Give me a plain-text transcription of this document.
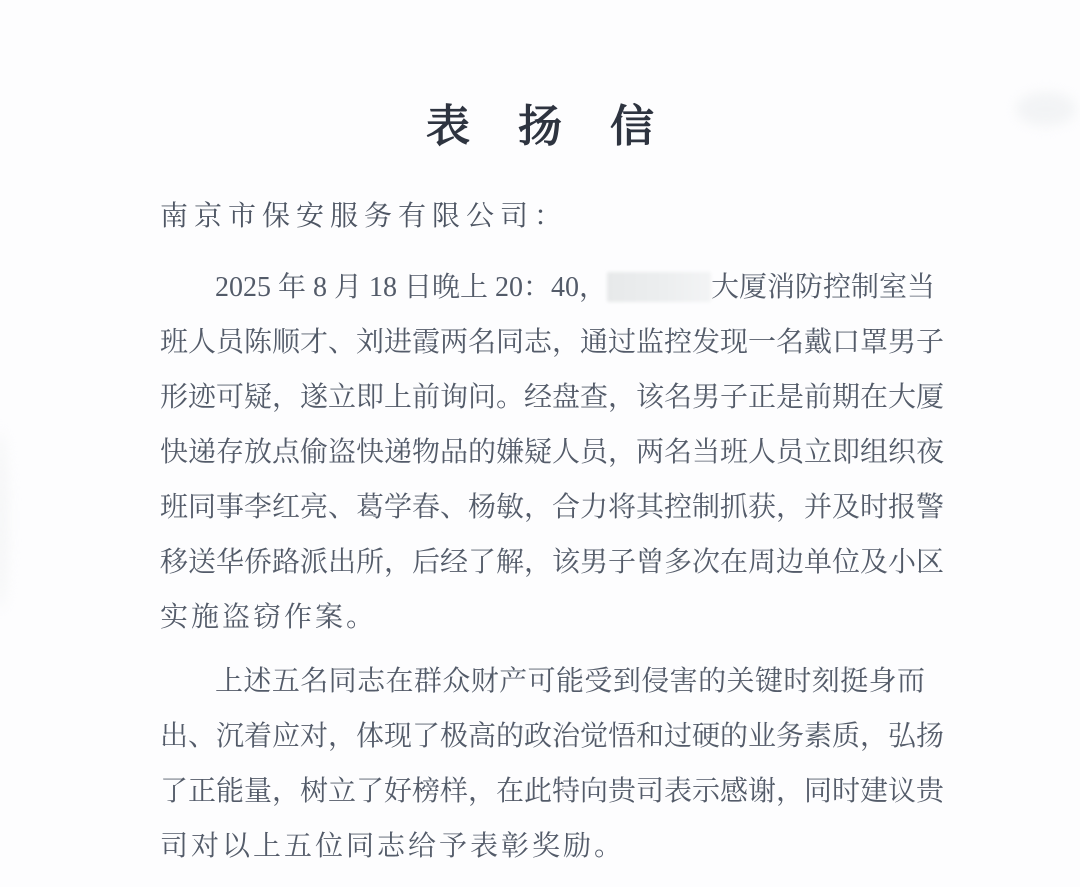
表 扬 信
南京市保安服务有限公司：
2025 年 8 月 18 日晚上 20：40，	大厦消防控制室当
班人员陈顺才、刘进霞两名同志，通过监控发现一名戴口罩男子
形迹可疑，遂立即上前询问。经盘查，该名男子正是前期在大厦
快递存放点偷盗快递物品的嫌疑人员，两名当班人员立即组织夜
班同事李红亮、葛学春、杨敏，合力将其控制抓获，并及时报警
移送华侨路派出所，后经了解，该男子曾多次在周边单位及小区
实施盗窃作案。
上述五名同志在群众财产可能受到侵害的关键时刻挺身而
出、沉着应对，体现了极高的政治觉悟和过硬的业务素质，弘扬
了正能量，树立了好榜样，在此特向贵司表示感谢，同时建议贵
司对以上五位同志给予表彰奖励。
